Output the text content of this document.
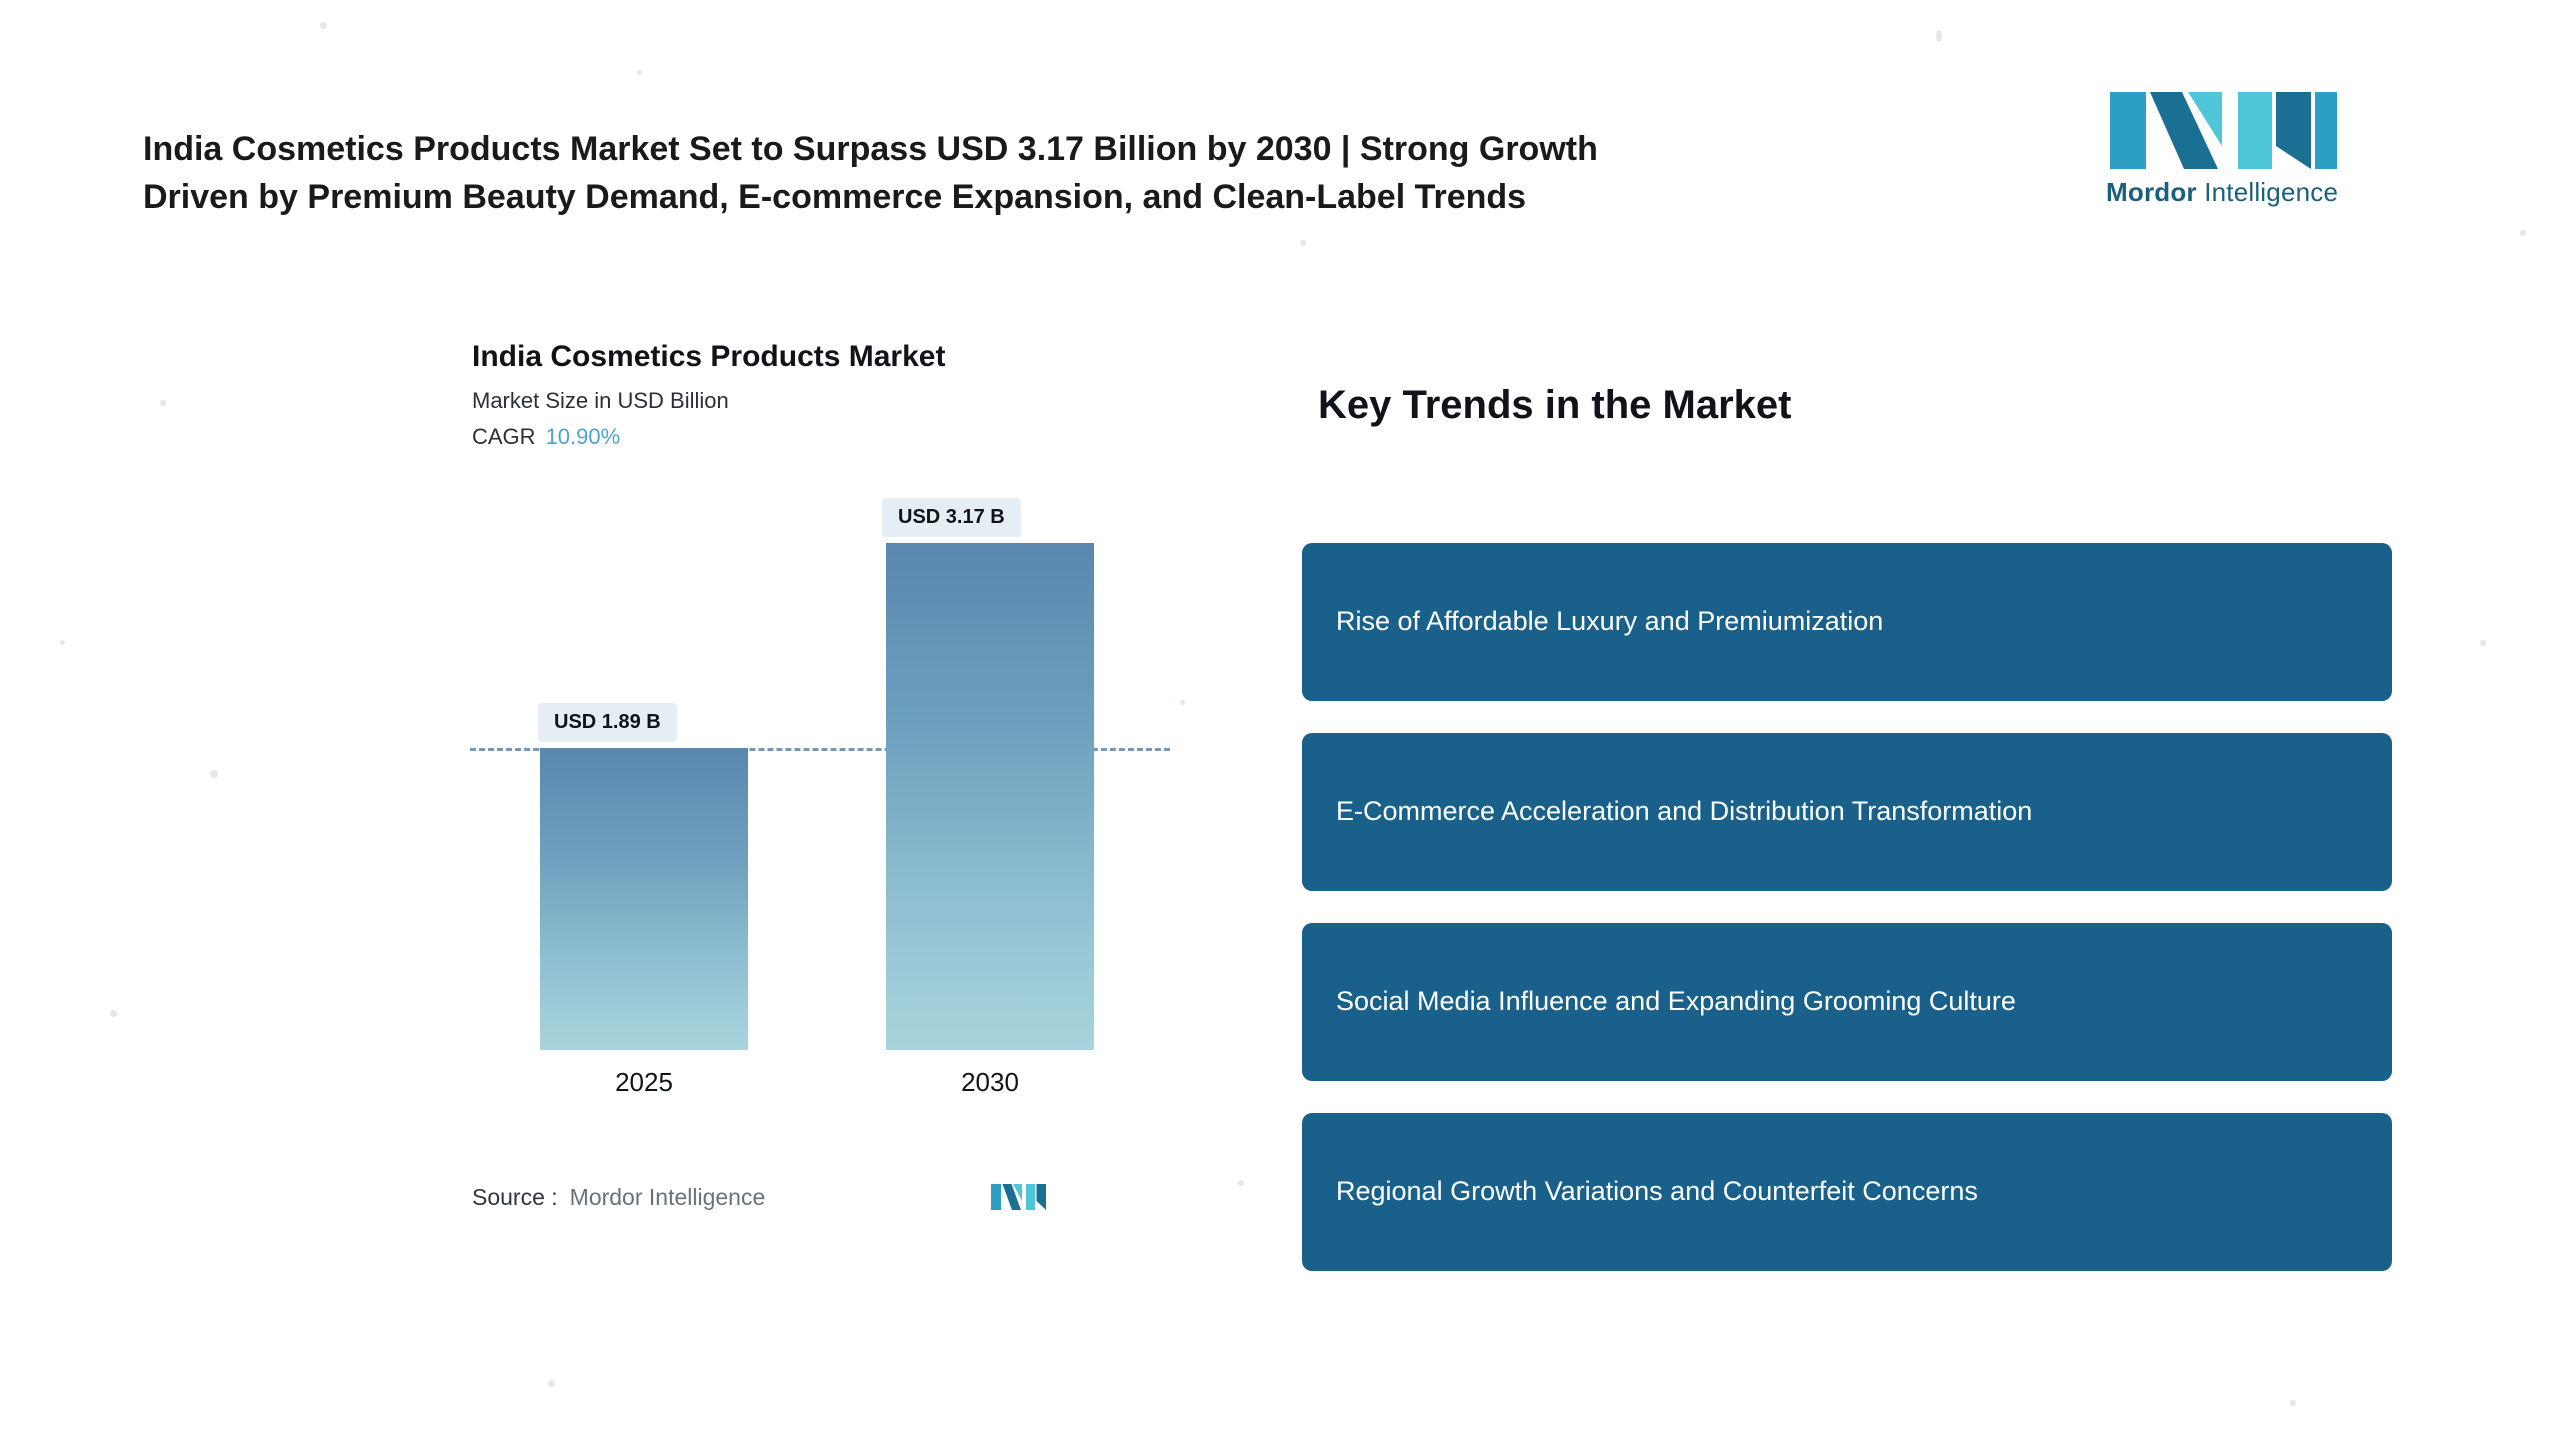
India Cosmetics Products Market Set to Surpass USD 3.17 Billion by 2030 | Strong Growth
Driven by Premium Beauty Demand, E-commerce Expansion, and Clean-Label Trends	Mordor Intelligence
India Cosmetics Products Market
Market Size in USD Billion
CAGR 10.90%
USD 1.89 B
USD 3.17 B
2025	2030
Source : Mordor Intelligence
Key Trends in the Market
Rise of Affordable Luxury and Premiumization
E-Commerce Acceleration and Distribution Transformation
Social Media Influence and Expanding Grooming Culture
Regional Growth Variations and Counterfeit Concerns
